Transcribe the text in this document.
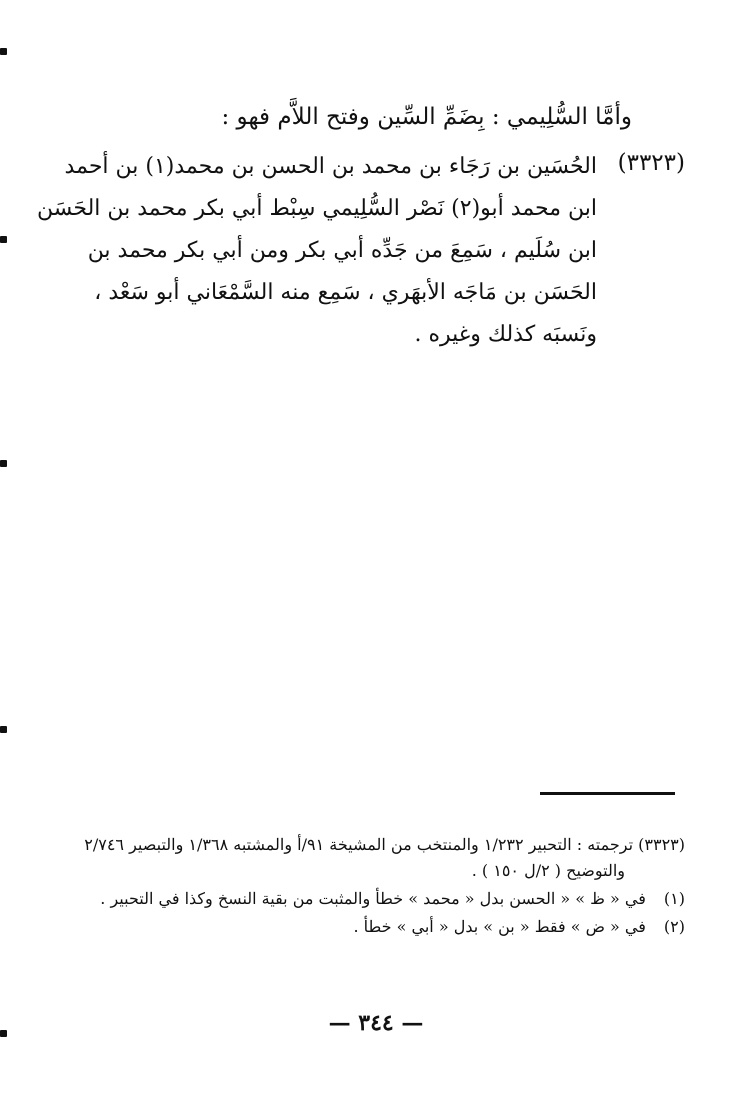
وأمَّا السُّلِيمي : بِضَمِّ السِّين وفتح اللاَّم فهو :
(٣٣٢٣)
الحُسَين بن رَجَاء بن محمد بن الحسن بن محمد(١) بن أحمد
ابن محمد أبو(٢) نَصْر السُّلِيمي سِبْط أبي بكر محمد بن الحَسَن
ابن سُلَيم ، سَمِعَ من جَدِّه أبي بكر ومن أبي بكر محمد بن
الحَسَن بن مَاجَه الأبهَري ، سَمِع منه السَّمْعَاني أبو سَعْد ،
ونَسبَه كذلك وغيره .
(٣٣٢٣) ترجمته : التحبير ١/٢٣٢ والمنتخب من المشيخة ٩١/أ والمشتبه ١/٣٦٨ والتبصير ٢/٧٤٦
والتوضيح ( ٢/ل ١٥٠ ) .
(١) في « ظ » « الحسن بدل « محمد » خطأ والمثبت من بقية النسخ وكذا في التحبير .
(٢) في « ض » فقط « بن » بدل « أبي » خطأ .
— ٣٤٤ —
